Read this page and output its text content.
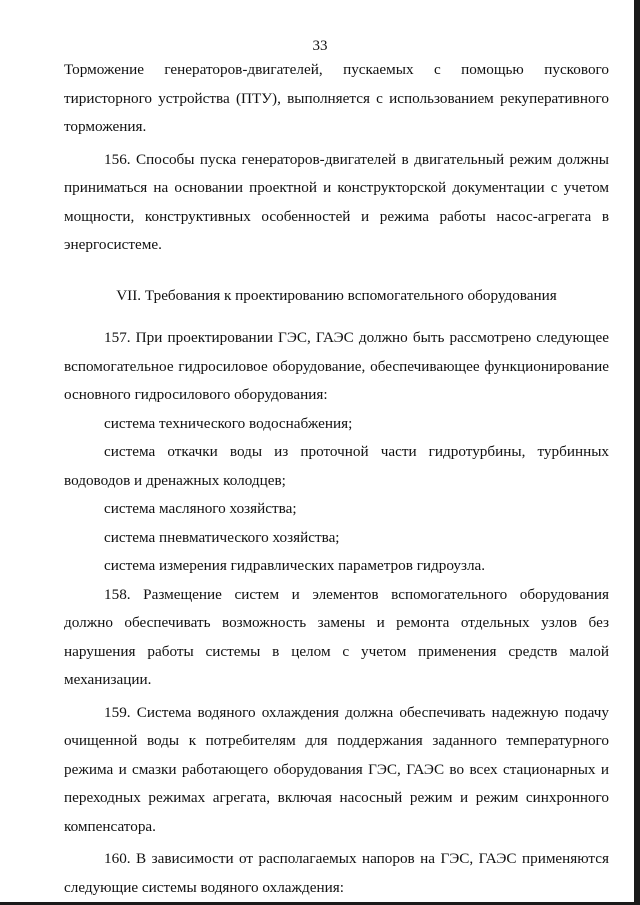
33

Торможение генераторов-двигателей, пускаемых с помощью пускового

тиристорного устройства (ПТУ), выполняется с использованием рекуперативного торможения.

156. Способы пуска генераторов-двигателей в двигательный режим должны приниматься на основании проектной и конструкторской документации с учетом мощности, конструктивных особенностей и режима работы насос-агрегата в энергосистеме.

VII. Требования к проектированию вспомогательного оборудования

157. При проектировании ГЭС, ГАЭС должно быть рассмотрено следующее вспомогательное гидросиловое оборудование, обеспечивающее функционирование основного гидросилового оборудования:

система технического водоснабжения;

система откачки воды из проточной части гидротурбины, турбинных водоводов и дренажных колодцев;

система масляного хозяйства;

система пневматического хозяйства;

система измерения гидравлических параметров гидроузла.

158. Размещение систем и элементов вспомогательного оборудования должно обеспечивать возможность замены и ремонта отдельных узлов без нарушения работы системы в целом с учетом применения средств малой механизации.

159. Система водяного охлаждения должна обеспечивать надежную подачу очищенной воды к потребителям для поддержания заданного температурного режима и смазки работающего оборудования ГЭС, ГАЭС во всех стационарных и переходных режимах агрегата, включая насосный режим и режим синхронного компенсатора.

160. В зависимости от располагаемых напоров на ГЭС, ГАЭС применяются следующие системы водяного охлаждения:
